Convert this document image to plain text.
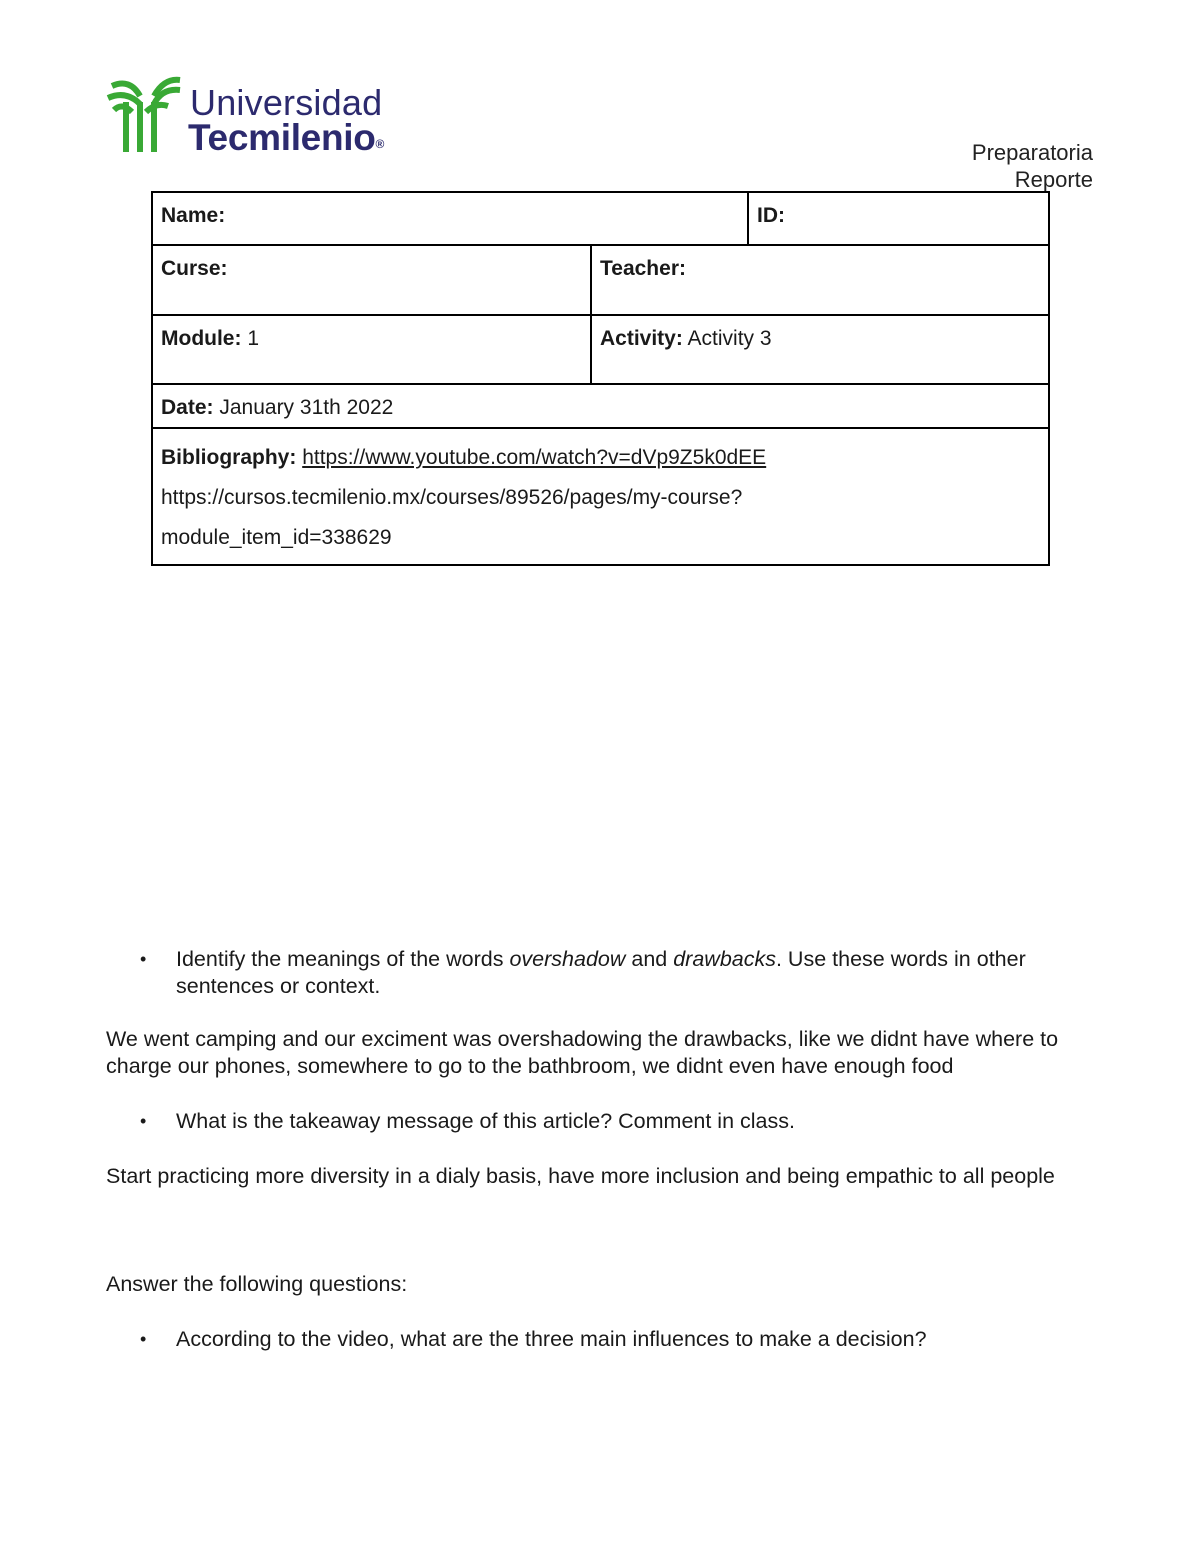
Universidad
Tecmilenio®	Preparatoria
Reporte
Name:		ID:
Curse:	Teacher:	
Module: 1	Activity: Activity 3	
Date: January 31th 2022		

Bibliography: https://www.youtube.com/watch?v=dVp9Z5k0dEE
https://cursos.tecmilenio.mx/courses/89526/pages/my-course?
module_item_id=338629		
• Identify the meanings of the words overshadow and drawbacks. Use these words in other sentences or context.

We went camping and our exciment was overshadowing the drawbacks, like we didnt have where to charge our phones, somewhere to go to the bathbroom, we didnt even have enough food

• What is the takeaway message of this article? Comment in class.

Start practicing more diversity in a dialy basis, have more inclusion and being empathic to all people

Answer the following questions:

• According to the video, what are the three main influences to make a decision?
